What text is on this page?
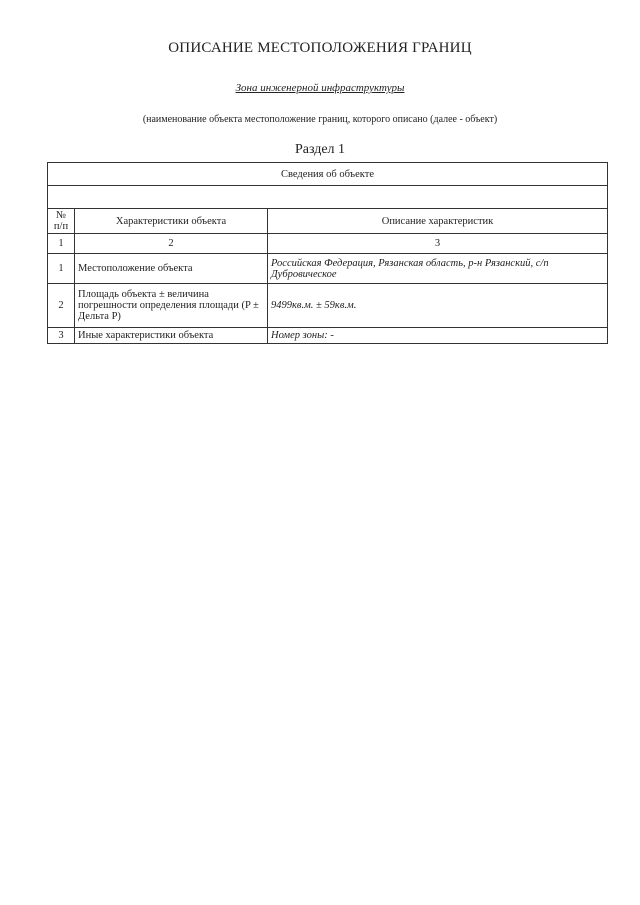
ОПИСАНИЕ МЕСТОПОЛОЖЕНИЯ ГРАНИЦ
Зона инженерной инфраструктуры
(наименование объекта местоположение границ, которого описано (далее - объект)
Раздел 1
Сведения об объекте		

№ п/п	Характеристики объекта	Описание характеристик
1	2	3
1	Местоположение объекта	Российская Федерация, Рязанская область, р-н Рязанский, с/п Дубровическое
2	Площадь объекта ± величина погрешности определения площади (P ± Дельта P)	9499кв.м. ± 59кв.м.
3	Иные характеристики объекта	Номер зоны: -
